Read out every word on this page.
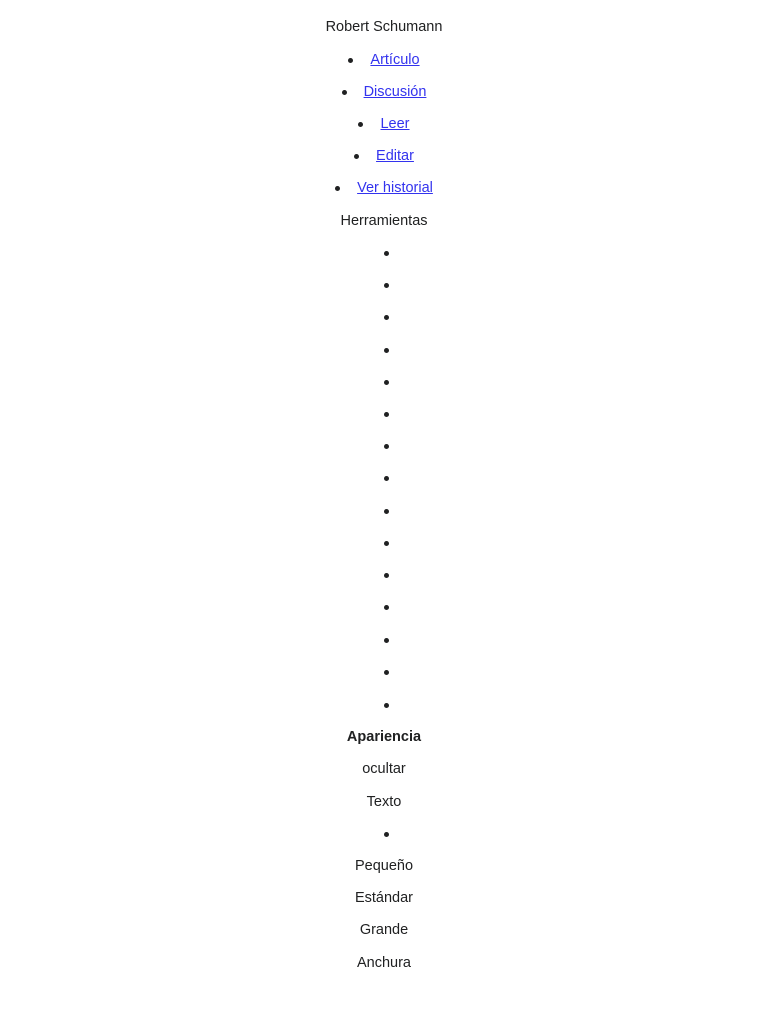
Robert Schumann
Artículo
Discusión
Leer
Editar
Ver historial
Herramientas
Apariencia
ocultar
Texto
Pequeño
Estándar
Grande
Anchura
